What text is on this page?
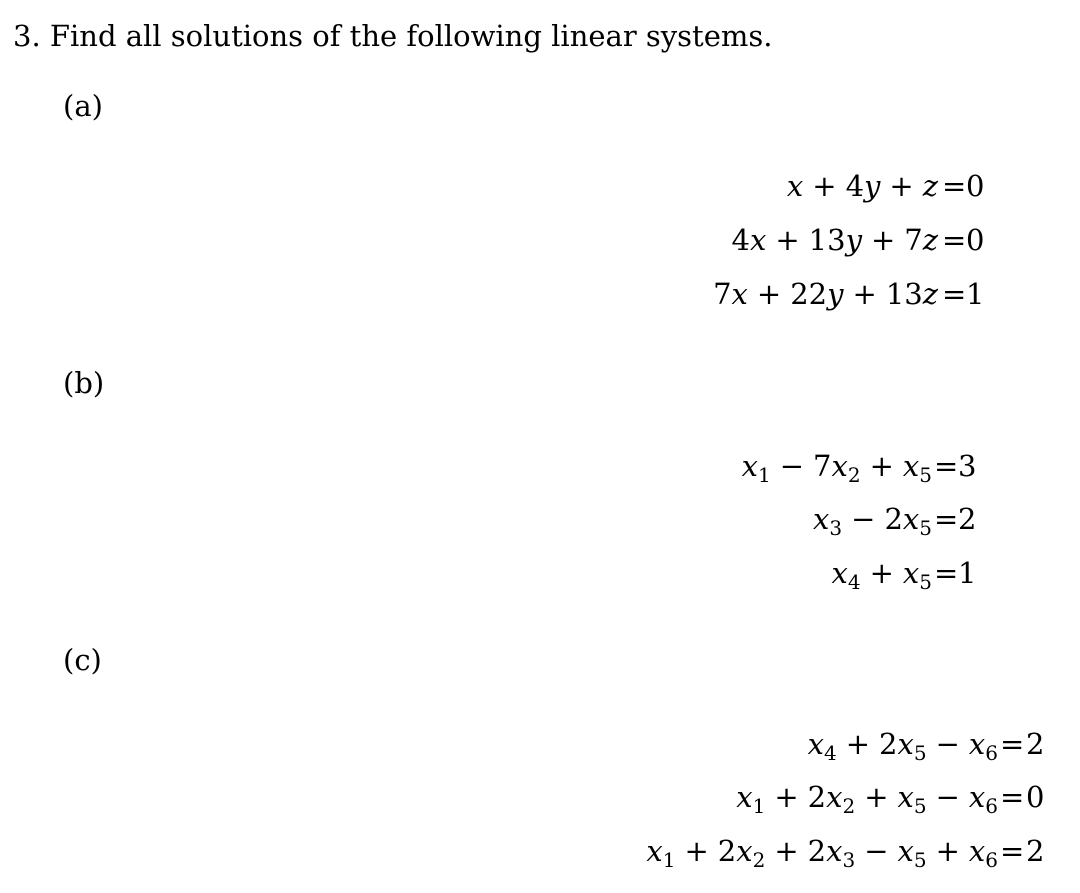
3. Find all solutions of the following linear systems.
(a)
x + 4y + z = 0
4x + 13y + 7z = 0
7x + 22y + 13z = 1
(b)
$x_1 - 7x_2 + x_5 = 3$
$x_3 - 2x_5 = 2$
$x_4 + x_5 = 1$
(c)
$x_4 + 2x_5 - x_6 = 2$
$x_1 + 2x_2 + x_5 - x_6 = 0$
$x_1 + 2x_2 + 2x_3 - x_5 + x_6 = 2$
